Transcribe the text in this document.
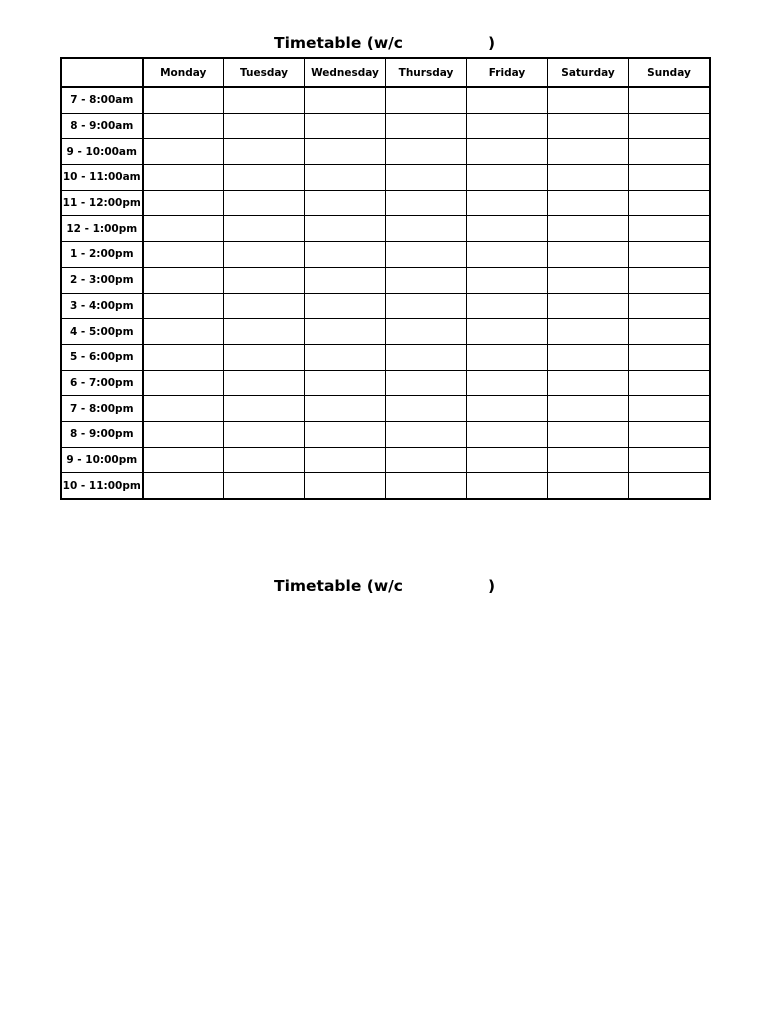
Timetable (w/c	)
	Monday	Tuesday	Wednesday	Thursday	Friday	Saturday	Sunday
7 - 8:00am							
8 - 9:00am							
9 - 10:00am							
10 - 11:00am							
11 - 12:00pm							
12 - 1:00pm							
1 - 2:00pm							
2 - 3:00pm							
3 - 4:00pm							
4 - 5:00pm							
5 - 6:00pm							
6 - 7:00pm							
7 - 8:00pm							
8 - 9:00pm							
9 - 10:00pm							
10 - 11:00pm							
Timetable (w/c	)
